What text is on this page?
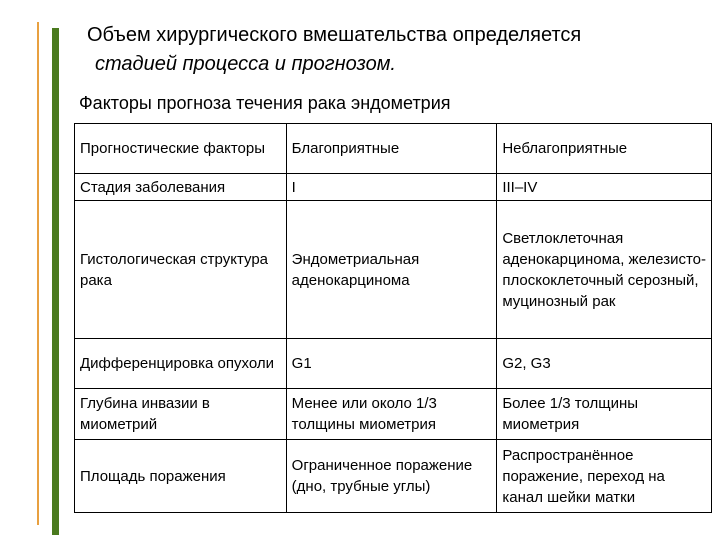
Объем хирургического вмешательства определяется
стадией процесса и прогнозом.
Факторы прогноза течения рака эндометрия
Прогностические факторы	Благоприятные	Неблагоприятные
Стадия заболевания	I	III–IV
Гистологическая структура рака	Эндометриальная аденокарцинома	Светлоклеточная аденокарцинома, железисто-плоскоклеточный серозный, муцинозный рак
Дифференцировка опухоли	G1	G2, G3
Глубина инвазии в миометрий	Менее или около 1/3 толщины миометрия	Более 1/3 толщины миометрия
Площадь поражения	Ограниченное поражение (дно, трубные углы)	Распространённое поражение, переход на канал шейки матки
